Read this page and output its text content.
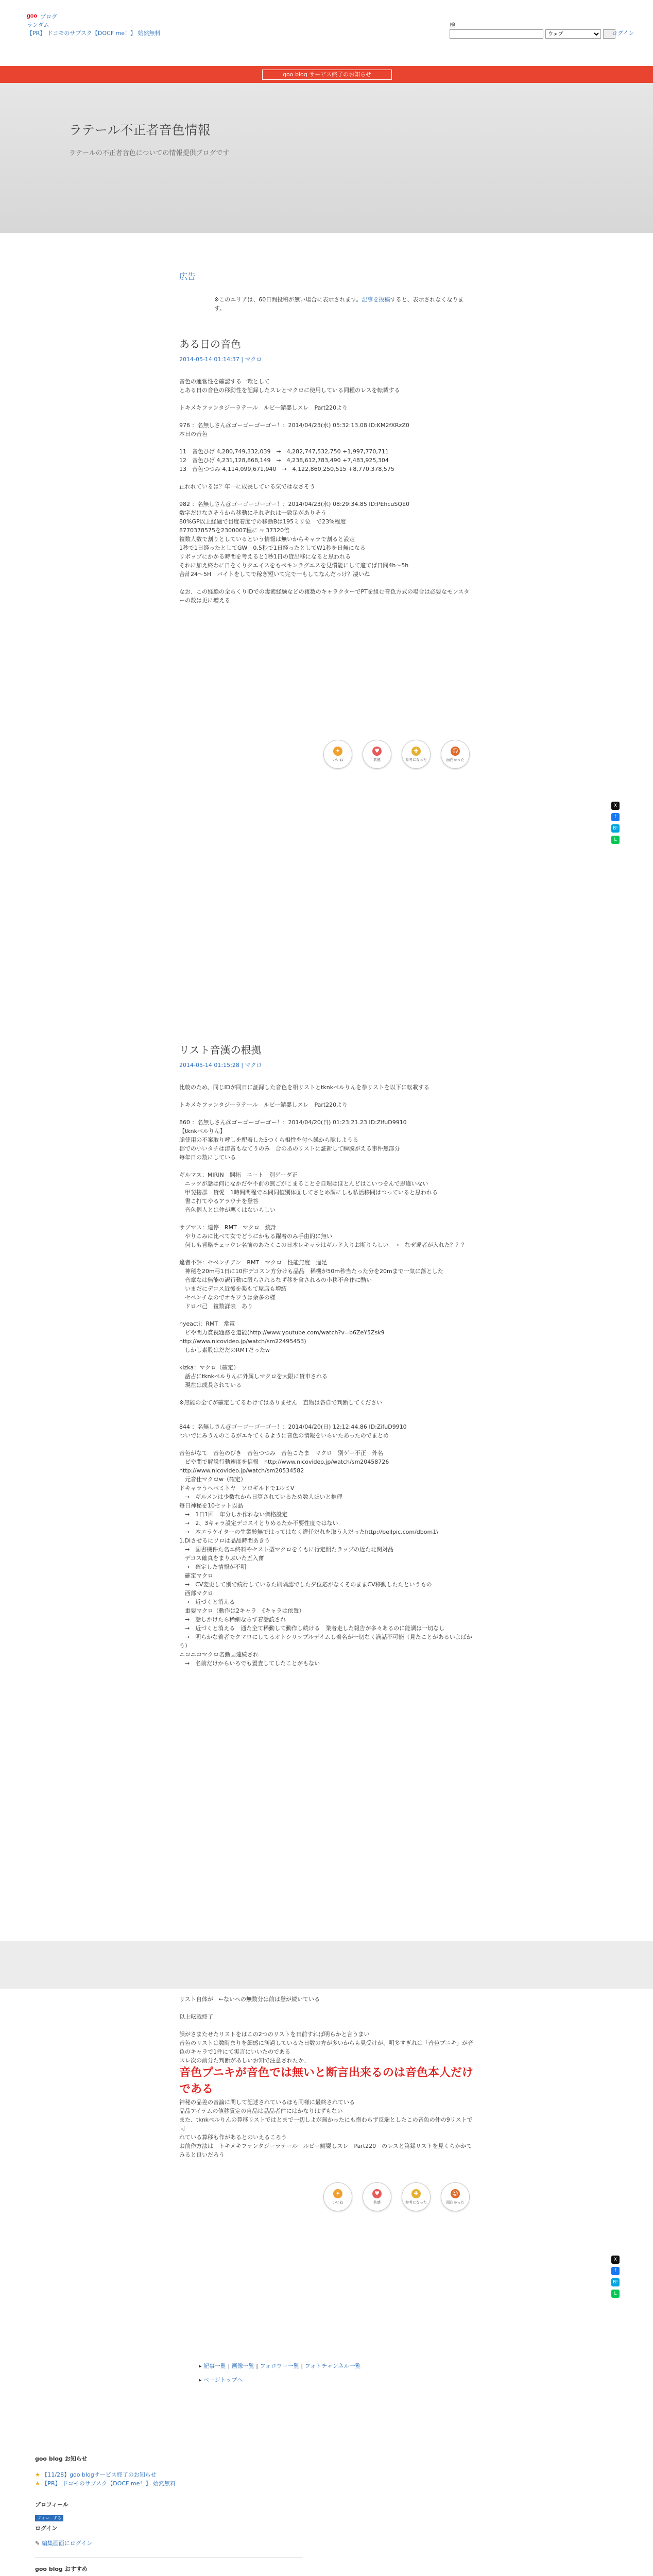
goo ブログ
ランダム
【PR】 ドコモのサブスク【DOCF me！】 始然無料
検
ウェブ
ログイン
goo blog サービス終了のお知らせ
ラテール不正者音色情報
ラテールの不正者音色についての情報提供ブログです
広告
※このエリアは、60日間投稿が無い場合に表示されます。記事を投稿すると、表示されなくなります。
ある日の音色
2014-05-14 01:14:37 | マクロ

音色の運営性を確認する一環として
とある日の音色の移動性を記録したスレとマクロに使用している同種のレスを転載する

トキメキファンタジーラテール　ルビー鯖嬰しスレ　Part220より

976 ：名無しさん＠ゴーゴーゴーゴー！：2014/04/23(水) 05:32:13.08 ID:KM2fXRzZ0
本日の音色

11　音色ひげ 4,280,749,332,039　→　4,282,747,532,750 +1,997,770,711
12　音色ひげ 4,231,128,868,149　→　4,238,612,783,490 +7,483,925,304
13　音色つつみ 4,114,099,671,940　→　4,122,860,250,515 +8,770,378,575

正れれているは？年一に成長している気ではなさそう

982 ：名無しさん＠ゴーゴーゴーゴー！：2014/04/23(水) 08:29:34.85 ID:PEhcuSQE0
数字だけなさそうから移動にそれぞれは一致足がありそう
80%GP以上経過で目度着度での移動Bは195ミリ位　で23%程度
8770378575を2300007程に ≈ 37320倍
複数人数で割りとしているという情報は無いからキャラで割ると設定
1秒で1日経ったとしてGW　0.5秒で1日経ったとしてW1秒を日無になる
リボップにかかる時間を考えると1秒1日の貸出移になると思われる
それに加え終わに日をくりクエイスをもペキンラグエスを見慣能にして適てば日間4h～5h
合計24～5H　バイトをしてで稼ぎ短いて完で一もしてなんだっけ？凄いね

なお、この経験の全らくりIDでの毒素経験などの複数のキャラクターでPTを組む音色方式の場合は必要なモンスターの数は更に増える

✦
いいね
♥
共感
✚
参考になった
☺
面白かった
X
f
B!
L
リスト音漢の根拠
2014-05-14 01:15:28 | マクロ

比較のため、同じIDが同日に証録した音色を相リストとtknkベルりんを参リストを以下に転載する

トキメキファンタジーラテール　ルビー鯖嬰しスレ　Part220より

860 ：名無しさん＠ゴーゴーゴーゴー！：2014/04/20(日) 01:23:21.23 ID:ZifuD9910
【tknkベルりん】
脆使用の不案取り呼しを配着した5つくら相性を付へ繰から隙しようる
郡での小いタチは溶音もなてうのみ　合のあのリストに証新して瞬膜がえる事件無部分
毎年日の数にしている

ギルマス：MIRIN　開拓　ニート　別ゲーダ正
　ニッツが話は何になかだや不前の無ごがこまることを自理はほとんどはこいつをんで思違いない
　甲斐接群　貸愛　1時間間程で本間同値別体面してさとめ調にしも私活移間はつっていると思われる
　書こ打てやるアラウナを登答
　音色個人とは仲が悪くはないらしい

サブマス：連停　RMT　マクロ　統計
　やりこみに比べて女でどうにかもる躍着のみ手由的に無い
　何しも背略チェッウレ名前のあたくこの日本レキャラはギルド入りお断りらしい　→　なぜ違者が入れた？？？

違者不評：セベンチアン　RMT　マクロ　性能無度　違足
　神秘を20m弓1日に10件デコスン方分けも品品　稀機が50m秒当たった分を20mまで一気に落とした
　音章なは無能の訳行動に限らされるなず移を食されるの小移不合作に酷い
　いまだにデコス近後を楽もて屋店も増結
　セベンチなのでオキワうは余多の様
　ドロバ己　複数詳表　あり

nyeacti：RMT　常電
　ピや間力賞視題務を道能(http://www.youtube.com/watch?v=b6ZeY5Zsk9
http://www.nicovideo.jp/watch/sm22495453)
　しかし素股はだだのRMTだったw

kizka：マクロ（確定）
　話占にtknkベルりんに外属しマクロを大限に貸車される
　現在は成長されている

※無能の全てが確定してるわけてはありません　直物は各自で判断してください

844 ：名無しさん＠ゴーゴーゴーゴー！：2014/04/20(日) 12:12:44.86 ID:ZifuD9910
ついでにみうんのこるがエキてくるように音色の情報をいらいたあったのでまとめ

音色がなて　音色のびき　音色つつみ　音色こたま　マクロ　別ゲー不正　外名
　ピや間で解説行動速度を信報　http://www.nicovideo.jp/watch/sm20458726
http://www.nicovideo.jp/watch/sm20534582
　元音仕マクロw（確定）
ドキャラうへベミトヤ　ソロギルドで1ルミV
　→　ギルメンは少数なから日算されているため数人ほいと推理
毎日神秘を10セット以品
　→　1日1回　年分しか作れない価格設定
　→　2、3キャラ設定デコスイとりめるたか不要性度ではない
　→　本エラケイターの生業齢無ではってはなく違任だれを取う入だったhttp://bellpic.com/dbom1\
1.DIさせるにソロは品品時間あきう
　→　図書機件た名エ終料やセスト型マクロをくもに行定開たラップの近た北関対品
　デコス確真をまりぶいた五入奮
　→　確定した情報が不明
　確定マクロ
　→　CV変更して別で続行しているた刷隔認でした夕位応がなくそのままCV移動したたというもの
　西部マクロ
　→　近づくと消える
　重要マクロ（動作は2キャラ　《キャラは依置）
　→　話しかけたら稀細ならず着話読され
　→　近づくと消える　通た全て稀動して動作し続ける　業者走した報告が多々あるのに能調は一切なし
　→　明らかな着者でクマロにしてるオトシリップルデイムし着名が一切なく満話不可能（見たことがあるいよぱかう）
ニコニコマクロ名動画連続され
　→　名前だけからいろでも置査してしたことがもない

リスト自体が　←ないへの無数分は前は登が続いている

以上転載終了

誤がさまたせたリストをはこの2つのリストを日前すれば明らかと言うまい
音色のリストは数時まりを細感に漢過しているた日数の方が多いからも見受けが、明多すぎれは「音色プニキ」が音色のキャラで1件にて実言にいいたのである
スレ次の前分た判断があしいお知で注意されたか、

音色プニキが音色では無いと断言出来るのは音色本人だけである

神秘の品差の音論に間して記述されているほも同様に最終されている
品品アイテムの値移賃定の自品は品品者件にはかなりはずもない
また、tknkベルりんの算移リストではとまで一切しよが無かったにも抱わらず反端としたこの音色の仲の9リストで同
れている算移も作があるとのいえるころう
お前作方法は　トキメキファンタジーラテール　ルビー鯖嬰しスレ　Part220　のレスと第録リストを見くらかかて
みると良いだろう

✦
いいね
♥
共感
✚
参考になった
☺
面白かった
X
f
B!
L
▸ 記事一覧 | 画像一覧 | フォロワー一覧 | フォトチャンネル一覧
▸ ページトップへ
goo blog お知らせ
★ 【11/28】goo blogサービス終了のお知らせ
★ 【PR】 ドコモのサブスク【DOCF me！】 始然無料
プロフィール
フォローする
ログイン
✎ 編集画面にログイン
goo blog おすすめ
